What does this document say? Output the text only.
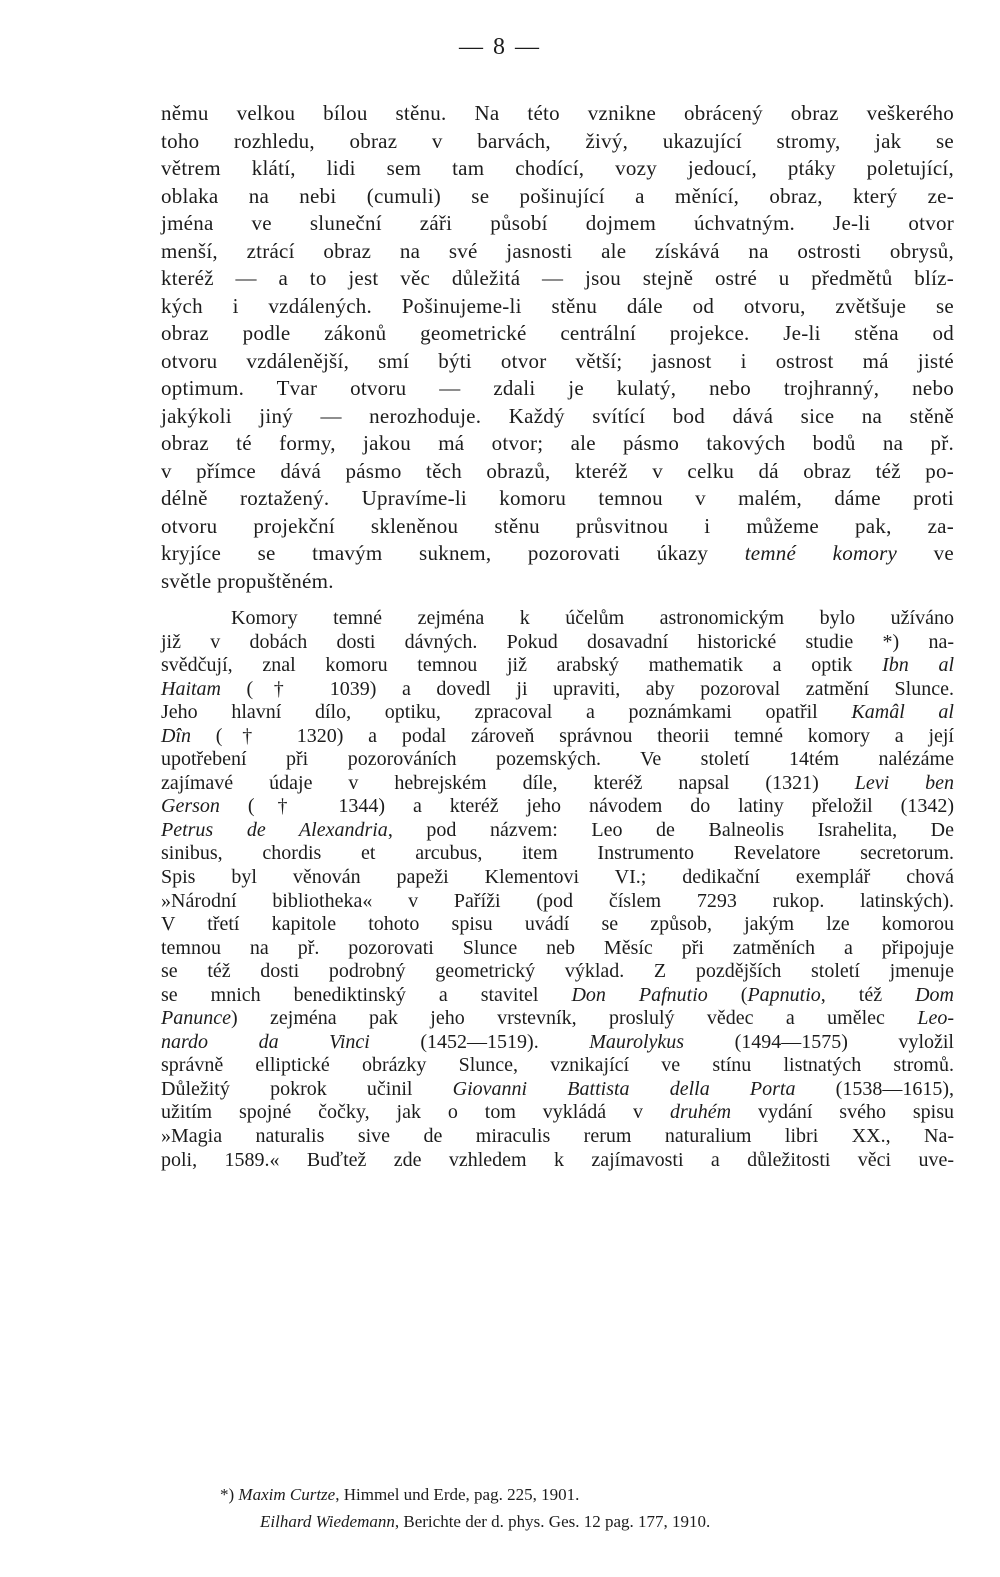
— 8 —

němu velkou bílou stěnu. Na této vznikne obrácený obraz veškerého
toho rozhledu, obraz v barvách, živý, ukazující stromy, jak se
větrem klátí, lidi sem tam chodící, vozy jedoucí, ptáky poletující,
oblaka na nebi (cumuli) se pošinující a měnící, obraz, který ze-
jména ve sluneční záři působí dojmem úchvatným. Je-li otvor
menší, ztrácí obraz na své jasnosti ale získává na ostrosti obrysů,
kteréž — a to jest věc důležitá — jsou stejně ostré u předmětů blíz-
kých i vzdálených. Pošinujeme-li stěnu dále od otvoru, zvětšuje se
obraz podle zákonů geometrické centrální projekce. Je-li stěna od
otvoru vzdálenější, smí býti otvor větší; jasnost i ostrost má jisté
optimum. Tvar otvoru — zdali je kulatý, nebo trojhranný, nebo
jakýkoli jiný — nerozhoduje. Každý svítící bod dává sice na stěně
obraz té formy, jakou má otvor; ale pásmo takových bodů na př.
v přímce dává pásmo těch obrazů, kteréž v celku dá obraz též po-
délně roztažený. Upravíme-li komoru temnou v malém, dáme proti
otvoru projekční skleněnou stěnu průsvitnou i můžeme pak, za-
kryjíce se tmavým suknem, pozorovati úkazy temné komory ve
světle propuštěném.
Komory temné zejména k účelům astronomickým bylo užíváno
již v dobách dosti dávných. Pokud dosavadní historické studie *) na-
svědčují, znal komoru temnou již arabský mathematik a optik Ibn al
Haitam († 1039) a dovedl ji upraviti, aby pozoroval zatmění Slunce.
Jeho hlavní dílo, optiku, zpracoval a poznámkami opatřil Kamâl al
Dîn († 1320) a podal zároveň správnou theorii temné komory a její
upotřebení při pozorováních pozemských. Ve století 14tém nalézáme
zajímavé údaje v hebrejském díle, kteréž napsal (1321) Levi ben
Gerson († 1344) a kteréž jeho návodem do latiny přeložil (1342)
Petrus de Alexandria, pod názvem: Leo de Balneolis Israhelita, De
sinibus, chordis et arcubus, item Instrumento Revelatore secretorum.
Spis byl věnován papeži Klementovi VI.; dedikační exemplář chová
»Národní bibliotheka« v Paříži (pod číslem 7293 rukop. latinských).
V třetí kapitole tohoto spisu uvádí se způsob, jakým lze komorou
temnou na př. pozorovati Slunce neb Měsíc při zatměních a připojuje
se též dosti podrobný geometrický výklad. Z pozdějších století jmenuje
se mnich benediktinský a stavitel Don Pafnutio (Papnutio, též Dom
Panunce) zejména pak jeho vrstevník, proslulý vědec a umělec Leo-
nardo da Vinci (1452—1519). Maurolykus (1494—1575) vyložil
správně elliptické obrázky Slunce, vznikající ve stínu listnatých stromů.
Důležitý pokrok učinil Giovanni Battista della Porta (1538—1615),
užitím spojné čočky, jak o tom vykládá v druhém vydání svého spisu
»Magia naturalis sive de miraculis rerum naturalium libri XX., Na-
poli, 1589.« Buďtež zde vzhledem k zajímavosti a důležitosti věci uve-
*) Maxim Curtze, Himmel und Erde, pag. 225, 1901.
Eilhard Wiedemann, Berichte der d. phys. Ges. 12 pag. 177, 1910.
